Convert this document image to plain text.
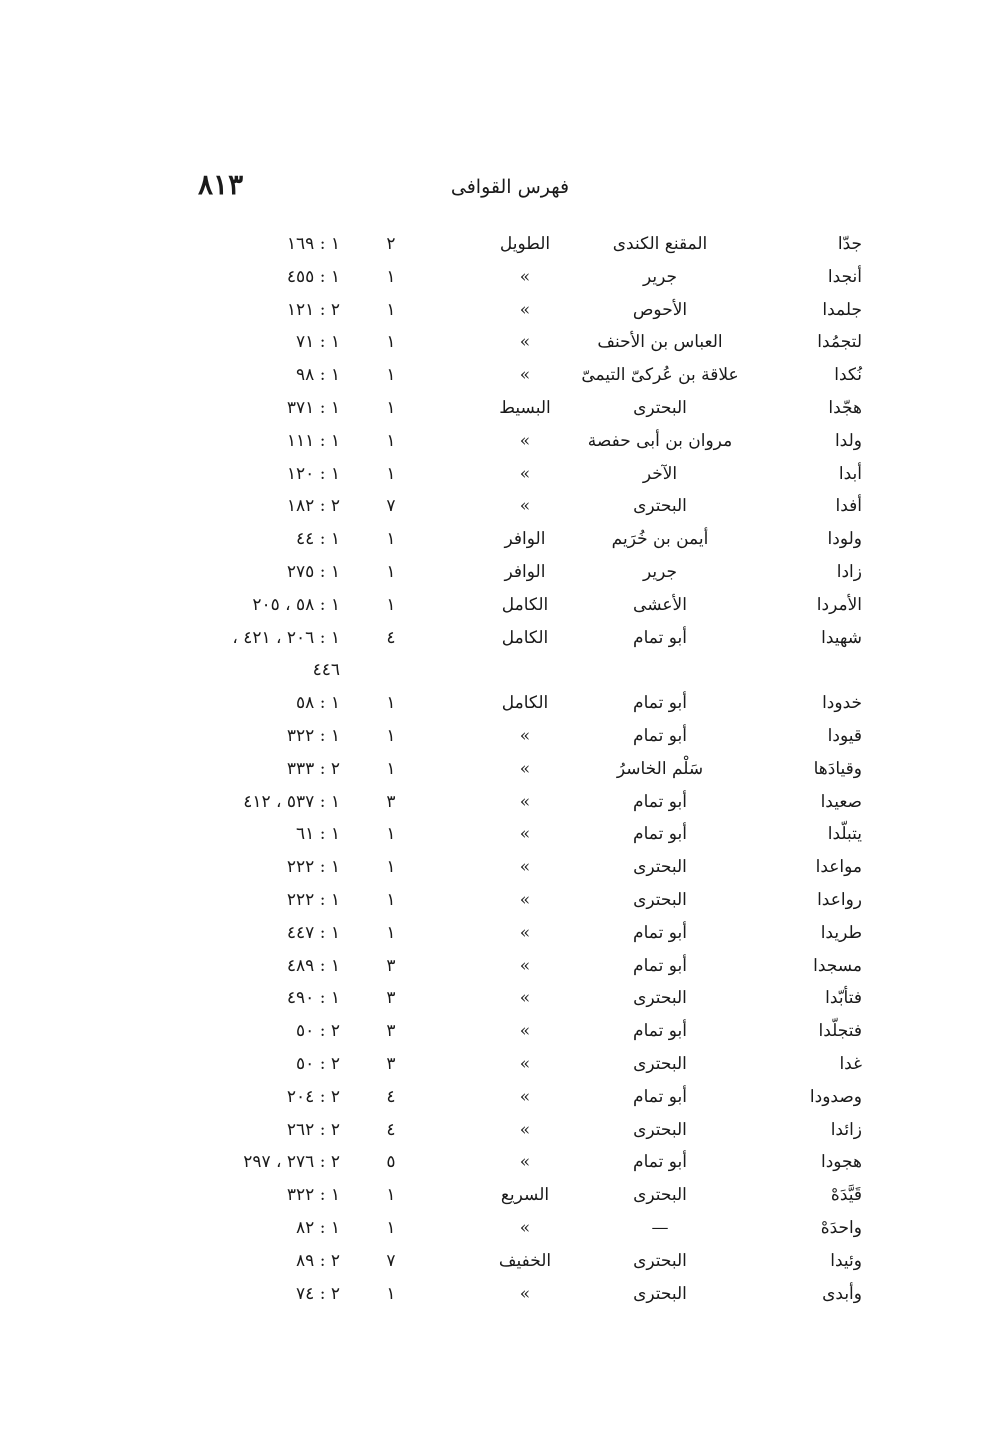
٨١٣	فهرس القوافى
جدّا
المقنع الكندى
الطويل
٢
١ : ١٦٩
أنجدا
جرير
»
١
١ : ٤٥٥
جلمدا
الأحوص
»
١
٢ : ١٢١
لتجمُدا
العباس بن الأحنف
»
١
١ : ٧١
نُكدا
علاقة بن عُركىّ التيمىّ
»
١
١ : ٩٨
هجّدا
البحترى
البسيط
١
١ : ٣٧١
ولدا
مروان بن أبى حفصة
»
١
١ : ١١١
أبدا
الآخر
»
١
١ : ١٢٠
أفدا
البحترى
»
٧
٢ : ١٨٢
ولودا
أيمن بن خُرَيم
الوافر
١
١ : ٤٤
زادا
جرير
الوافر
١
١ : ٢٧٥
الأمردا
الأعشى
الكامل
١
١ : ٥٨ ، ٢٠٥
شهيدا
أبو تمام
الكامل
٤
١ : ٢٠٦ ، ٤٢١ ،
٤٤٦
خدودا
أبو تمام
الكامل
١
١ : ٥٨
قيودا
أبو تمام
»
١
١ : ٣٢٢
وقيادَها
سَلْم الخاسرُ
»
١
٢ : ٣٣٣
صعيدا
أبو تمام
»
٣
١ : ٥٣٧ ، ٤١٢
يتبلّدا
أبو تمام
»
١
١ : ٦١
مواعدا
البحترى
»
١
١ : ٢٢٢
رواعدا
البحترى
»
١
١ : ٢٢٢
طريدا
أبو تمام
»
١
١ : ٤٤٧
مسجدا
أبو تمام
»
٣
١ : ٤٨٩
فتأبّدا
البحترى
»
٣
١ : ٤٩٠
فتجلّدا
أبو تمام
»
٣
٢ : ٥٠
غدا
البحترى
»
٣
٢ : ٥٠
وصدودا
أبو تمام
»
٤
٢ : ٢٠٤
زائدا
البحترى
»
٤
٢ : ٢٦٢
هجودا
أبو تمام
»
٥
٢ : ٢٧٦ ، ٢٩٧
قَيَّدَهْ
البحترى
السريع
١
١ : ٣٢٢
واحدَهْ
—
»
١
١ : ٨٢
وئيدا
البحترى
الخفيف
٧
٢ : ٨٩
وأبدى
البحترى
»
١
٢ : ٧٤
